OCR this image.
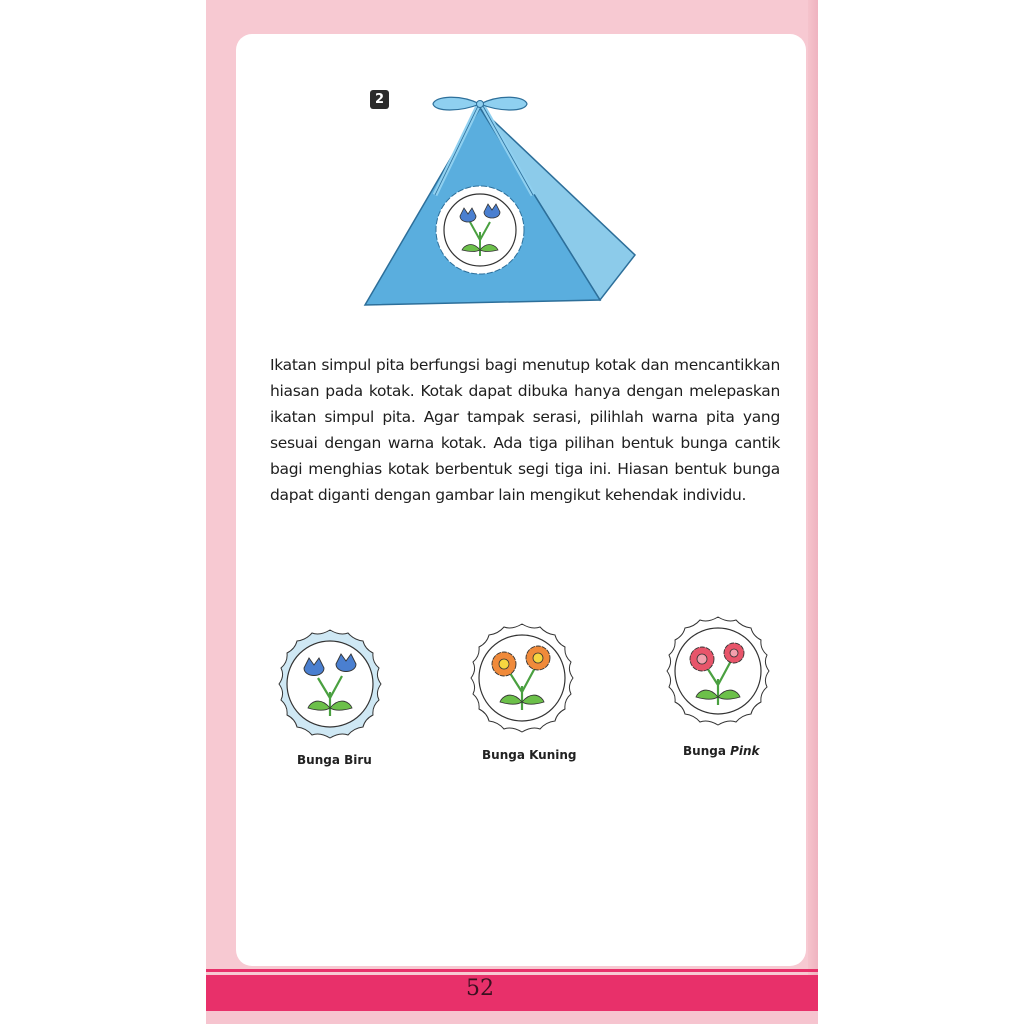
2

Ikatan simpul pita berfungsi bagi menutup kotak dan mencantikkan hiasan pada kotak. Kotak dapat dibuka hanya dengan melepaskan ikatan simpul pita. Agar tampak serasi, pilihlah warna pita yang sesuai dengan warna kotak. Ada tiga pilihan bentuk bunga cantik bagi menghias kotak berbentuk segi tiga ini. Hiasan bentuk bunga dapat diganti dengan gambar lain mengikut kehendak individu.

Bunga Biru	Bunga Kuning	Bunga Pink
52
